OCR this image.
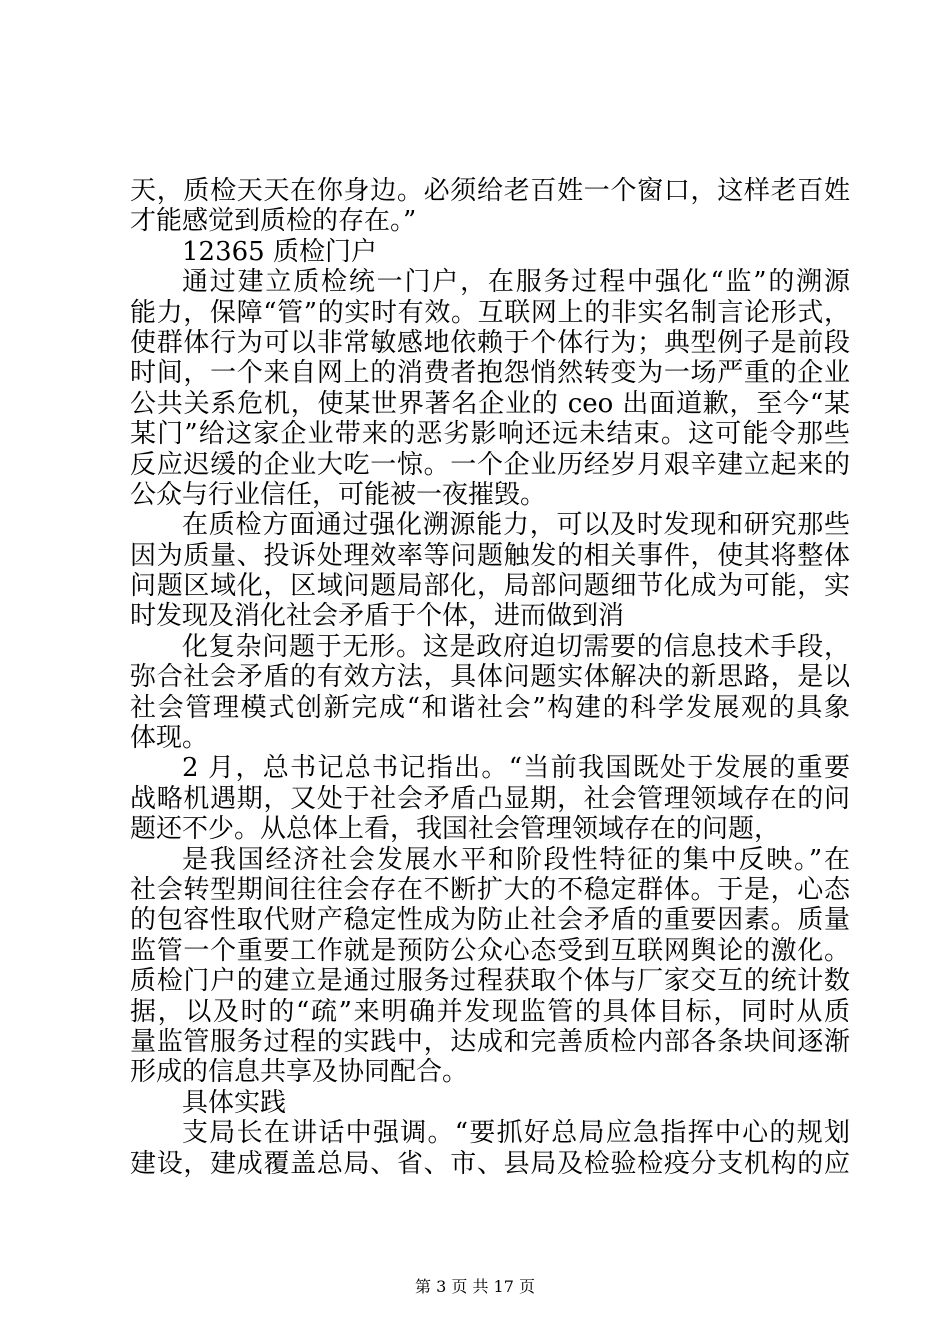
天，质检天天在你身边。必须给老百姓一个窗口，这样老百姓
才能感觉到质检的存在。”
12365 质检门户
通过建立质检统一门户，在服务过程中强化“监”的溯源
能力，保障“管”的实时有效。互联网上的非实名制言论形式，
使群体行为可以非常敏感地依赖于个体行为；典型例子是前段
时间，一个来自网上的消费者抱怨悄然转变为一场严重的企业
公共关系危机，使某世界著名企业的 ceo 出面道歉，至今“某
某门”给这家企业带来的恶劣影响还远未结束。这可能令那些
反应迟缓的企业大吃一惊。一个企业历经岁月艰辛建立起来的
公众与行业信任，可能被一夜摧毁。
在质检方面通过强化溯源能力，可以及时发现和研究那些
因为质量、投诉处理效率等问题触发的相关事件，使其将整体
问题区域化，区域问题局部化，局部问题细节化成为可能，实
时发现及消化社会矛盾于个体，进而做到消
化复杂问题于无形。这是政府迫切需要的信息技术手段，
弥合社会矛盾的有效方法，具体问题实体解决的新思路，是以
社会管理模式创新完成“和谐社会”构建的科学发展观的具象
体现。
2 月，总书记总书记指出。“当前我国既处于发展的重要
战略机遇期，又处于社会矛盾凸显期，社会管理领域存在的问
题还不少。从总体上看，我国社会管理领域存在的问题，
是我国经济社会发展水平和阶段性特征的集中反映。”在
社会转型期间往往会存在不断扩大的不稳定群体。于是，心态
的包容性取代财产稳定性成为防止社会矛盾的重要因素。质量
监管一个重要工作就是预防公众心态受到互联网舆论的激化。
质检门户的建立是通过服务过程获取个体与厂家交互的统计数
据，以及时的“疏”来明确并发现监管的具体目标，同时从质
量监管服务过程的实践中，达成和完善质检内部各条块间逐渐
形成的信息共享及协同配合。
具体实践
支局长在讲话中强调。“要抓好总局应急指挥中心的规划
建设，建成覆盖总局、省、市、县局及检验检疫分支机构的应
第 3 页 共 17 页
